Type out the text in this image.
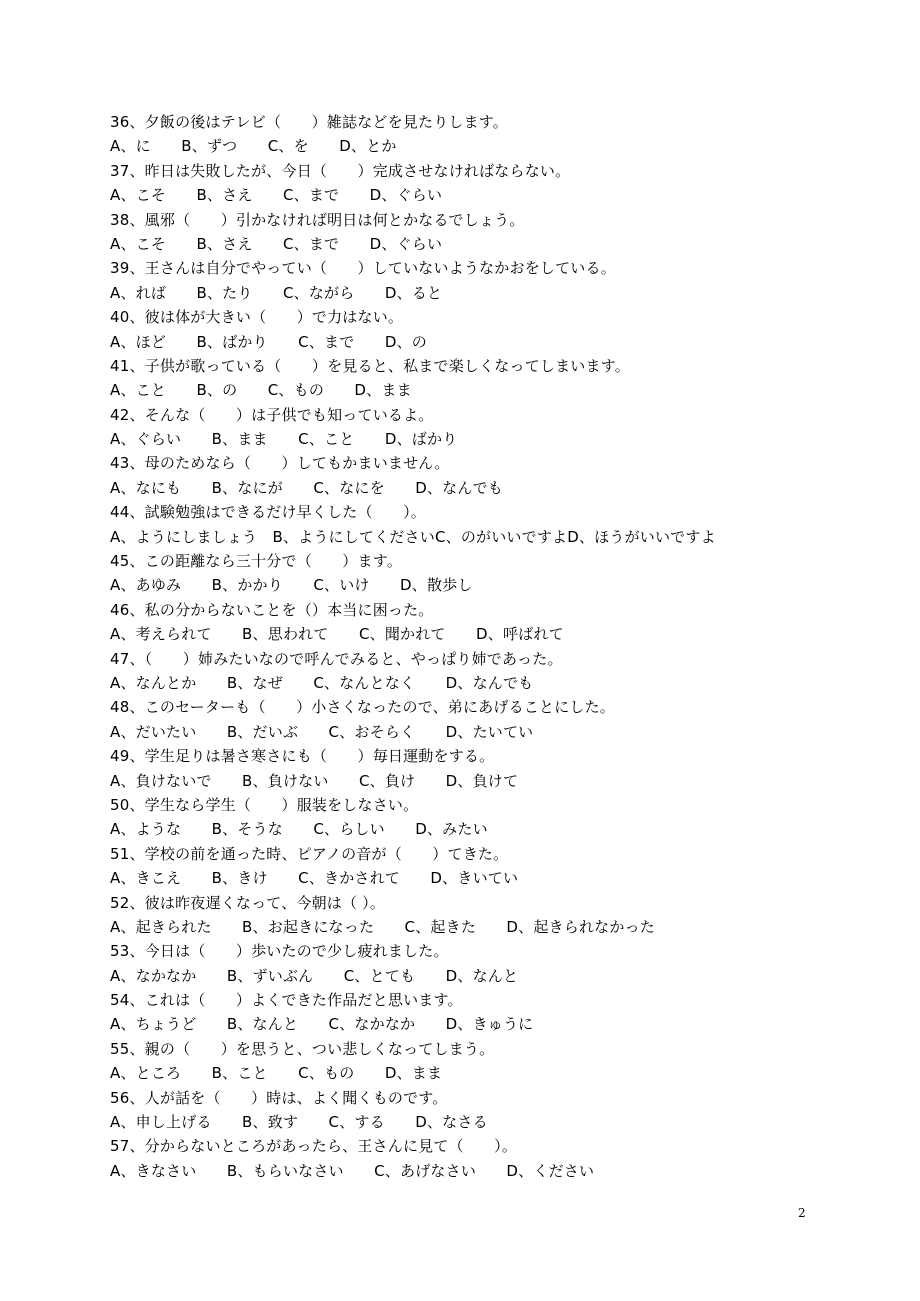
36、夕飯の後はテレビ（　　）雑誌などを見たりします。
A、に　　B、ずつ　　C、を　　D、とか
37、昨日は失敗したが、今日（　　）完成させなければならない。
A、こそ　　B、さえ　　C、まで　　D、ぐらい
38、風邪（　　）引かなければ明日は何とかなるでしょう。
A、こそ　　B、さえ　　C、まで　　D、ぐらい
39、王さんは自分でやってい（　　）していないようなかおをしている。
A、れば　　B、たり　　C、ながら　　D、ると
40、彼は体が大きい（　　）で力はない。
A、ほど　　B、ばかり　　C、まで　　D、の
41、子供が歌っている（　　）を見ると、私まで楽しくなってしまいます。
A、こと　　B、の　　C、もの　　D、まま
42、そんな（　　）は子供でも知っているよ。
A、ぐらい　　B、まま　　C、こと　　D、ばかり
43、母のためなら（　　）してもかまいません。
A、なにも　　B、なにが　　C、なにを　　D、なんでも
44、試験勉強はできるだけ早くした（　　）。
A、ようにしましょう　B、ようにしてくださいC、のがいいですよD、ほうがいいですよ
45、この距離なら三十分で（　　）ます。
A、あゆみ　　B、かかり　　C、いけ　　D、散歩し
46、私の分からないことを（）本当に困った。
A、考えられて　　B、思われて　　C、聞かれて　　D、呼ばれて
47、（　　）姉みたいなので呼んでみると、やっぱり姉であった。
A、なんとか　　B、なぜ　　C、なんとなく　　D、なんでも
48、このセーターも（　　）小さくなったので、弟にあげることにした。
A、だいたい　　B、だいぶ　　C、おそらく　　D、たいてい
49、学生足りは暑さ寒さにも（　　）毎日運動をする。
A、負けないで　　B、負けない　　C、負け　　D、負けて
50、学生なら学生（　　）服装をしなさい。
A、ような　　B、そうな　　C、らしい　　D、みたい
51、学校の前を通った時、ピアノの音が（　　）てきた。
A、きこえ　　B、きけ　　C、きかされて　　D、きいてい
52、彼は昨夜遅くなって、今朝は（ ）。
A、起きられた　　B、お起きになった　　C、起きた　　D、起きられなかった
53、今日は（　　）歩いたので少し疲れました。
A、なかなか　　B、ずいぶん　　C、とても　　D、なんと
54、これは（　　）よくできた作品だと思います。
A、ちょうど　　B、なんと　　C、なかなか　　D、きゅうに
55、親の（　　）を思うと、つい悲しくなってしまう。
A、ところ　　B、こと　　C、もの　　D、まま
56、人が話を（　　）時は、よく聞くものです。
A、申し上げる　　B、致す　　C、する　　D、なさる
57、分からないところがあったら、王さんに見て（　　）。
A、きなさい　　B、もらいなさい　　C、あげなさい　　D、ください
2
